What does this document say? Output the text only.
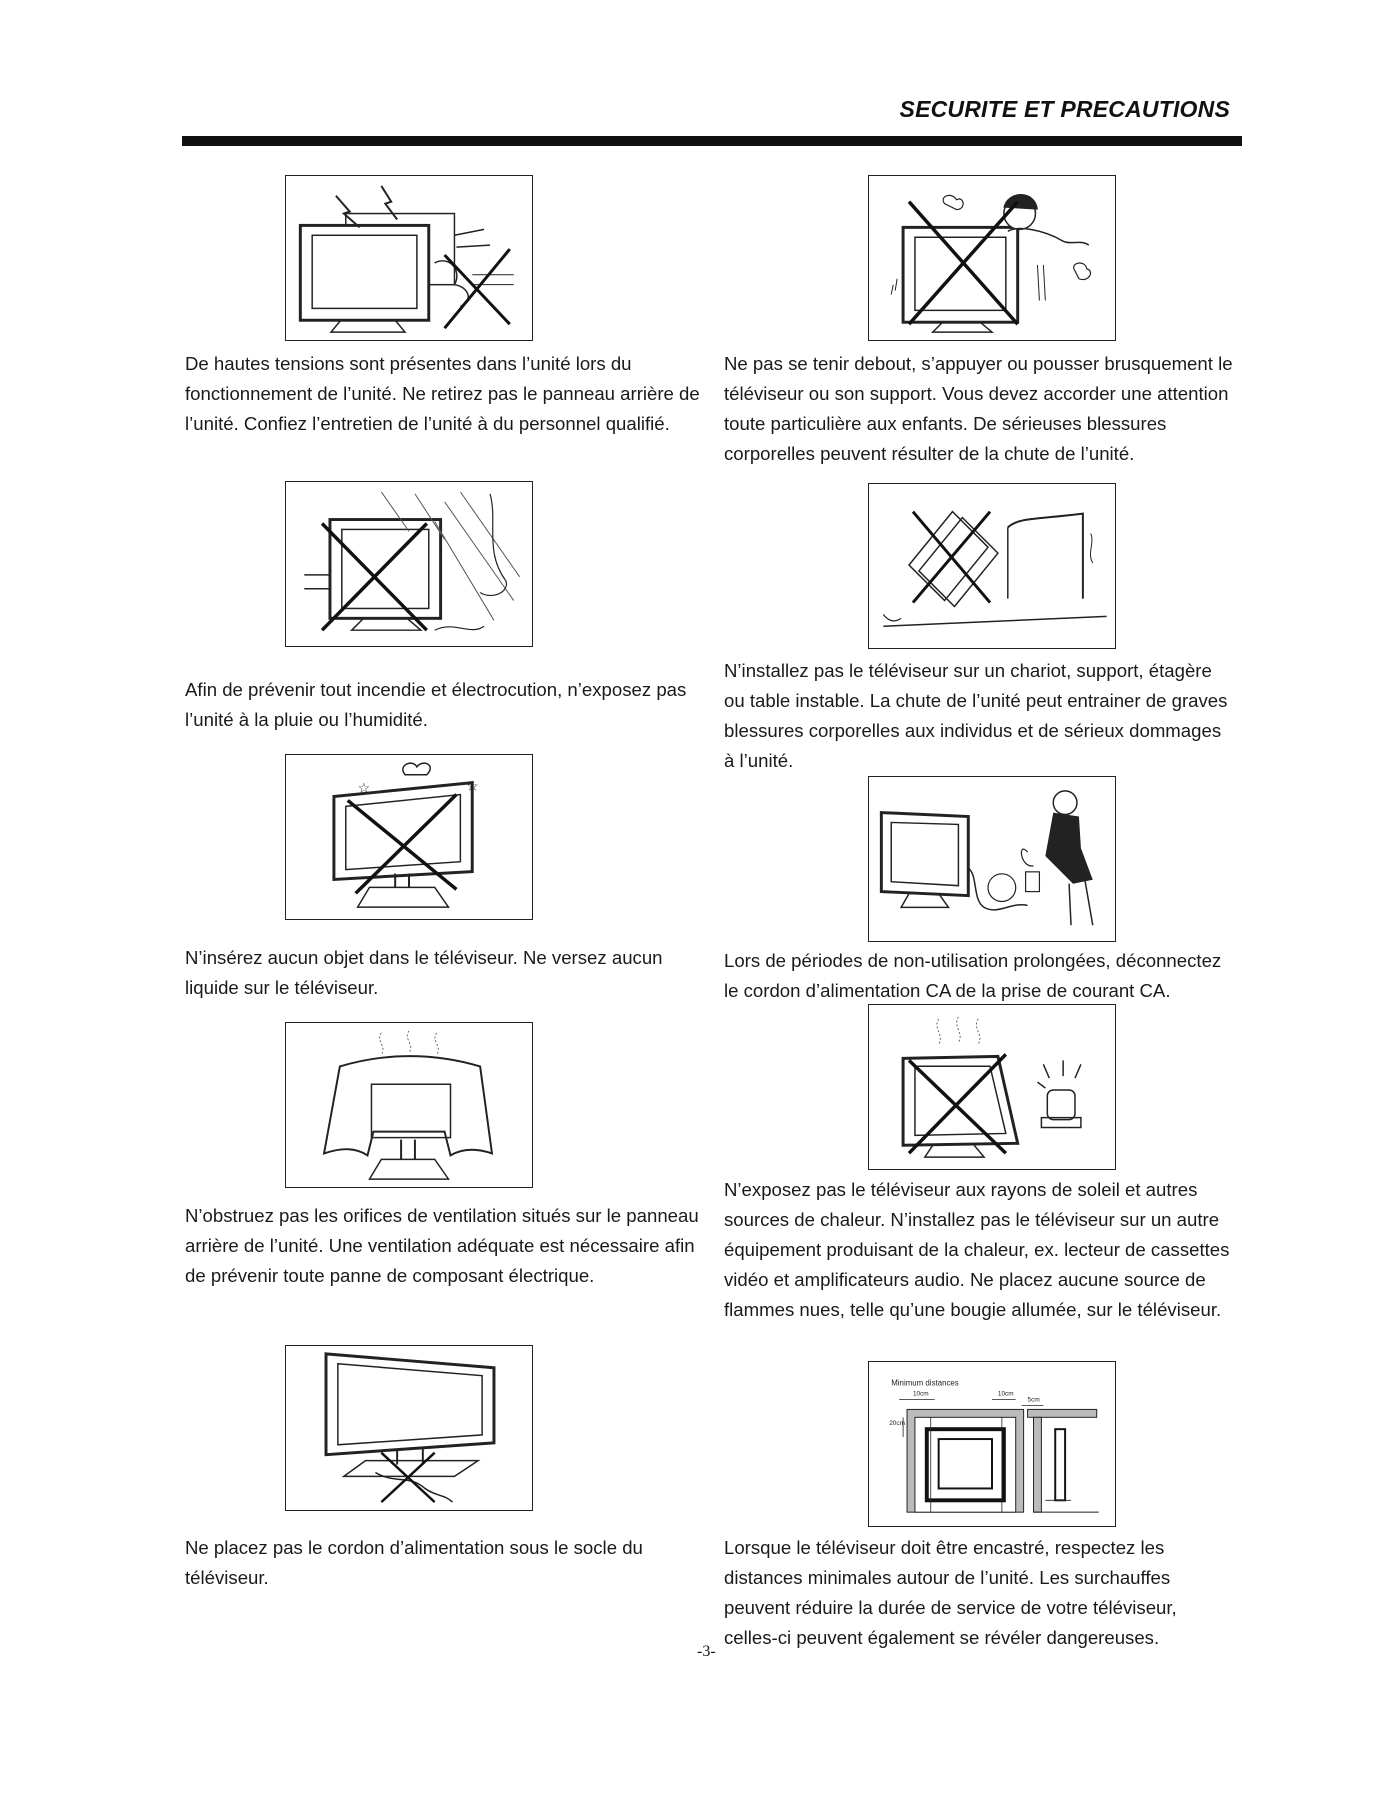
SECURITE ET PRECAUTIONS
De hautes tensions sont présentes dans l’unité lors du fonctionnement de l’unité. Ne retirez pas le panneau arrière de l’unité. Confiez l’entretien de l’unité à du personnel qualifié.
Afin de prévenir tout incendie et électrocution, n’exposez pas l’unité à la pluie ou l’humidité.
☆	☆
N’insérez aucun objet dans le téléviseur. Ne versez aucun liquide sur le téléviseur.
N’obstruez pas les orifices de ventilation situés sur le panneau arrière de l’unité. Une ventilation adéquate est nécessaire afin de prévenir toute panne de composant électrique.
Ne placez pas le cordon d’alimentation sous le socle du téléviseur.
Ne pas se tenir debout, s’appuyer ou pousser brusquement le téléviseur ou son support. Vous devez accorder une attention toute particulière aux enfants. De sérieuses blessures corporelles peuvent résulter de la chute de l’unité.
N’installez pas le téléviseur sur un chariot, support, étagère ou table instable. La chute de l’unité peut entrainer de graves blessures corporelles aux individus et de sérieux dommages à l’unité.
Lors de périodes de non-utilisation prolongées, déconnectez le cordon d’alimentation CA de la prise de courant CA.
N’exposez pas le téléviseur aux rayons de soleil et autres sources de chaleur. N’installez pas le téléviseur sur un autre équipement produisant de la chaleur, ex. lecteur de cassettes vidéo et amplificateurs audio. Ne placez aucune source de flammes nues, telle qu’une bougie allumée, sur le téléviseur.
Minimum distances
10cm	10cm
5cm
20cm
Lorsque le téléviseur doit être encastré, respectez les distances minimales autour de l’unité. Les surchauffes peuvent réduire la durée de service de votre téléviseur, celles-ci peuvent également se révéler dangereuses.
-3-
